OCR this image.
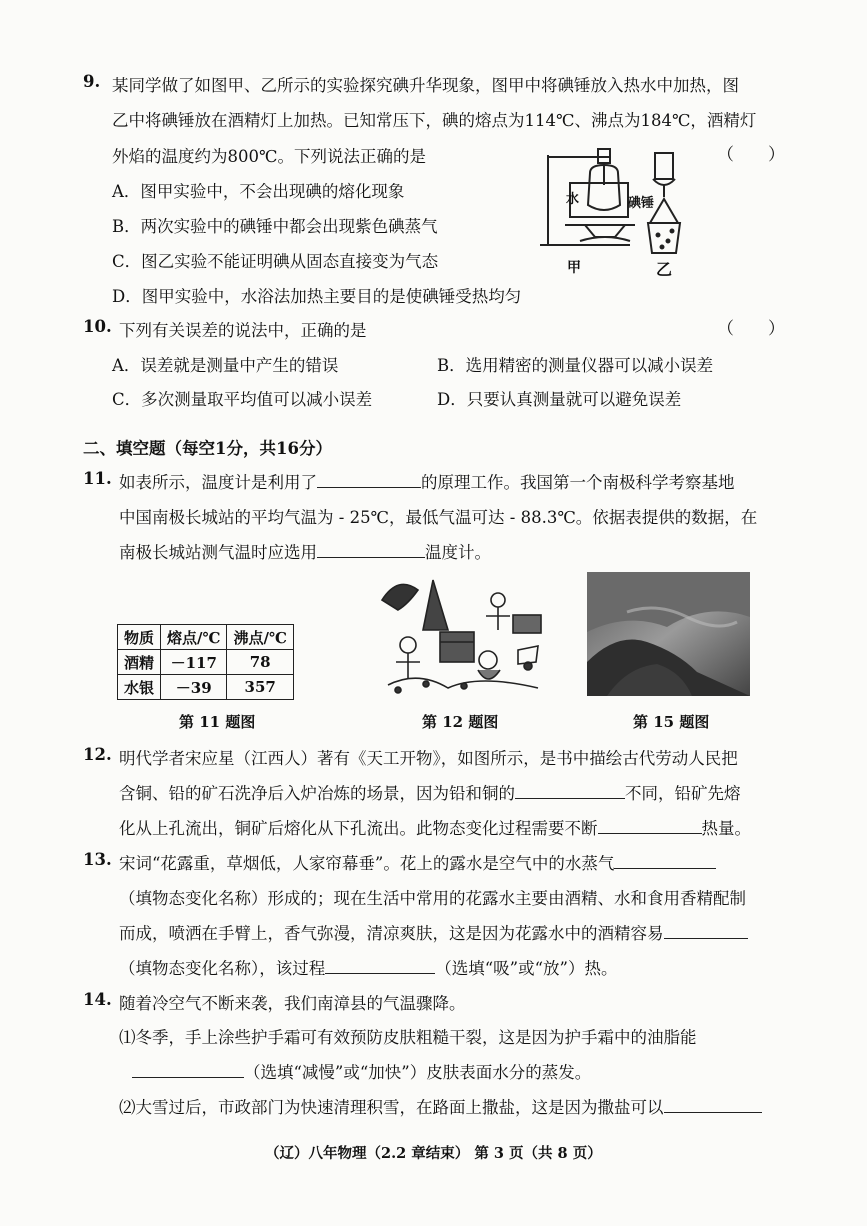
9. 某同学做了如图甲、乙所示的实验探究碘升华现象，图甲中将碘锤放入热水中加热，图
乙中将碘锤放在酒精灯上加热。已知常压下，碘的熔点为114℃、沸点为184℃，酒精灯
外焰的温度约为800℃。下列说法正确的是	（　　）
A．图甲实验中，不会出现碘的熔化现象
B．两次实验中的碘锤中都会出现紫色碘蒸气
C．图乙实验不能证明碘从固态直接变为气态
D．图甲实验中，水浴法加热主要目的是使碘锤受热均匀
水	碘锤
甲	乙
10. 下列有关误差的说法中，正确的是	（　　）
A．误差就是测量中产生的错误	B．选用精密的测量仪器可以减小误差
C．多次测量取平均值可以减小误差	D．只要认真测量就可以避免误差
二、填空题（每空1分，共16分）
11. 如表所示，温度计是利用了	的原理工作。我国第一个南极科学考察基地
中国南极长城站的平均气温为 - 25℃，最低气温可达 - 88.3℃。依据表提供的数据，在
南极长城站测气温时应选用	温度计。
物质	熔点/℃	沸点/℃
酒精	－117	78
水银	－39	357
第 11 题图	第 12 题图	第 15 题图
12. 明代学者宋应星（江西人）著有《天工开物》，如图所示，是书中描绘古代劳动人民把
含铜、铅的矿石洗净后入炉冶炼的场景，因为铅和铜的	不同，铅矿先熔
化从上孔流出，铜矿后熔化从下孔流出。此物态变化过程需要不断	热量。
13. 宋词“花露重，草烟低，人家帘幕垂”。花上的露水是空气中的水蒸气
（填物态变化名称）形成的；现在生活中常用的花露水主要由酒精、水和食用香精配制
而成，喷洒在手臂上，香气弥漫，清凉爽肤，这是因为花露水中的酒精容易
（填物态变化名称），该过程	（选填“吸”或“放”）热。
14. 随着冷空气不断来袭，我们南漳县的气温骤降。
⑴冬季，手上涂些护手霜可有效预防皮肤粗糙干裂，这是因为护手霜中的油脂能
（选填“减慢”或“加快”）皮肤表面水分的蒸发。
⑵大雪过后，市政部门为快速清理积雪，在路面上撒盐，这是因为撒盐可以
（辽）八年物理（2.2 章结束） 第 3 页（共 8 页）
